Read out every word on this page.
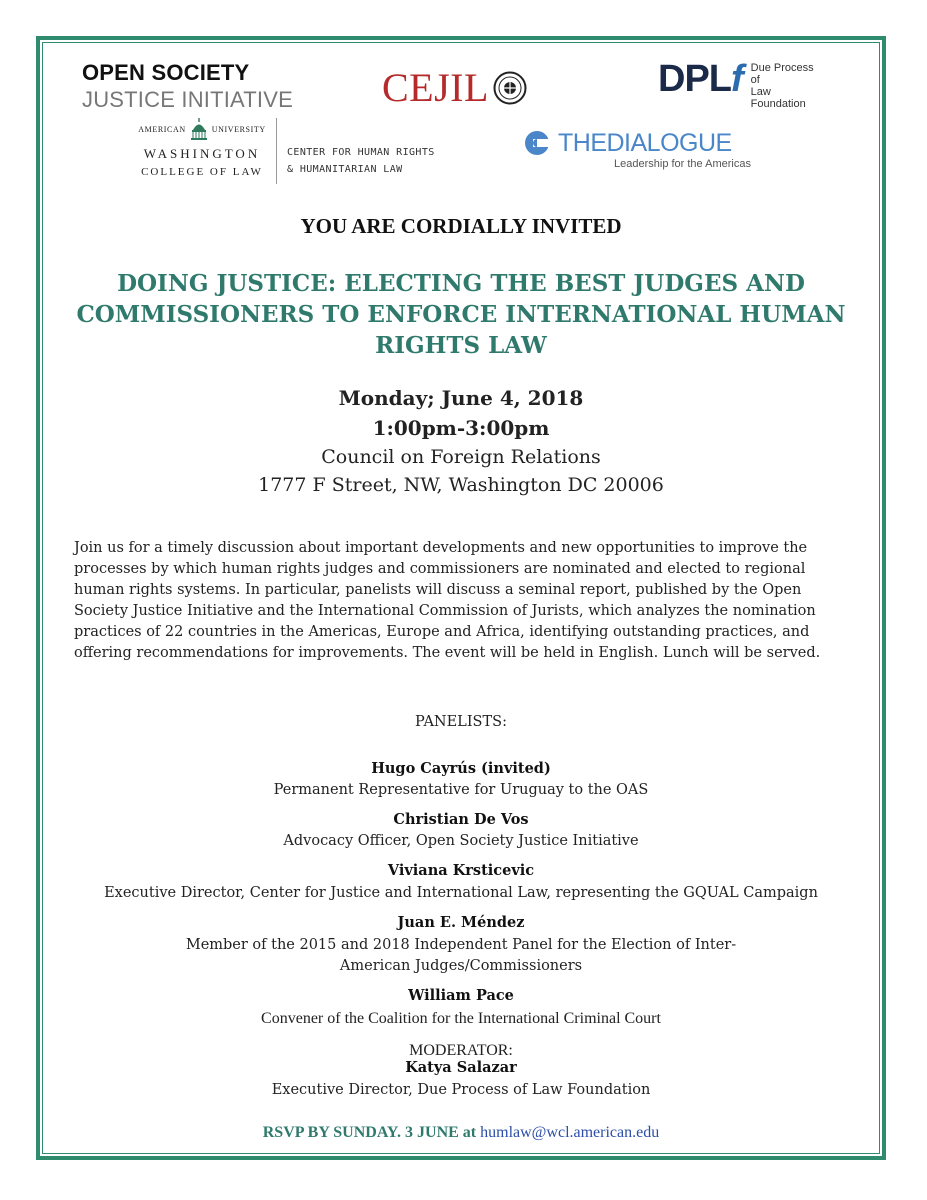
OPEN SOCIETY
JUSTICE INITIATIVE CEJIL	DPLf Due Process
of
Law
Foundation
AMERICAN	UNIVERSITY
WASHINGTON
COLLEGE OF LAW
CENTER FOR HUMAN RIGHTS
& HUMANITARIAN LAW
THEDIALOGUE
Leadership for the Americas
YOU ARE CORDIALLY INVITED
DOING JUSTICE: ELECTING THE BEST JUDGES AND COMMISSIONERS TO ENFORCE INTERNATIONAL HUMAN RIGHTS LAW
Monday; June 4, 2018
1:00pm-3:00pm
Council on Foreign Relations
1777 F Street, NW, Washington DC 20006
Join us for a timely discussion about important developments and new opportunities to improve the processes by which human rights judges and commissioners are nominated and elected to regional human rights systems. In particular, panelists will discuss a seminal report, published by the Open Society Justice Initiative and the International Commission of Jurists, which analyzes the nomination practices of 22 countries in the Americas, Europe and Africa, identifying outstanding practices, and offering recommendations for improvements. The event will be held in English. Lunch will be served.
PANELISTS:
Hugo Cayrús (invited)
Permanent Representative for Uruguay to the OAS
Christian De Vos
Advocacy Officer, Open Society Justice Initiative
Viviana Krsticevic
Executive Director, Center for Justice and International Law, representing the GQUAL Campaign
Juan E. Méndez
Member of the 2015 and 2018 Independent Panel for the Election of Inter-American Judges/Commissioners
William Pace
Convener of the Coalition for the International Criminal Court
MODERATOR:
Katya Salazar
Executive Director, Due Process of Law Foundation
RSVP BY SUNDAY. 3 JUNE at humlaw@wcl.american.edu
